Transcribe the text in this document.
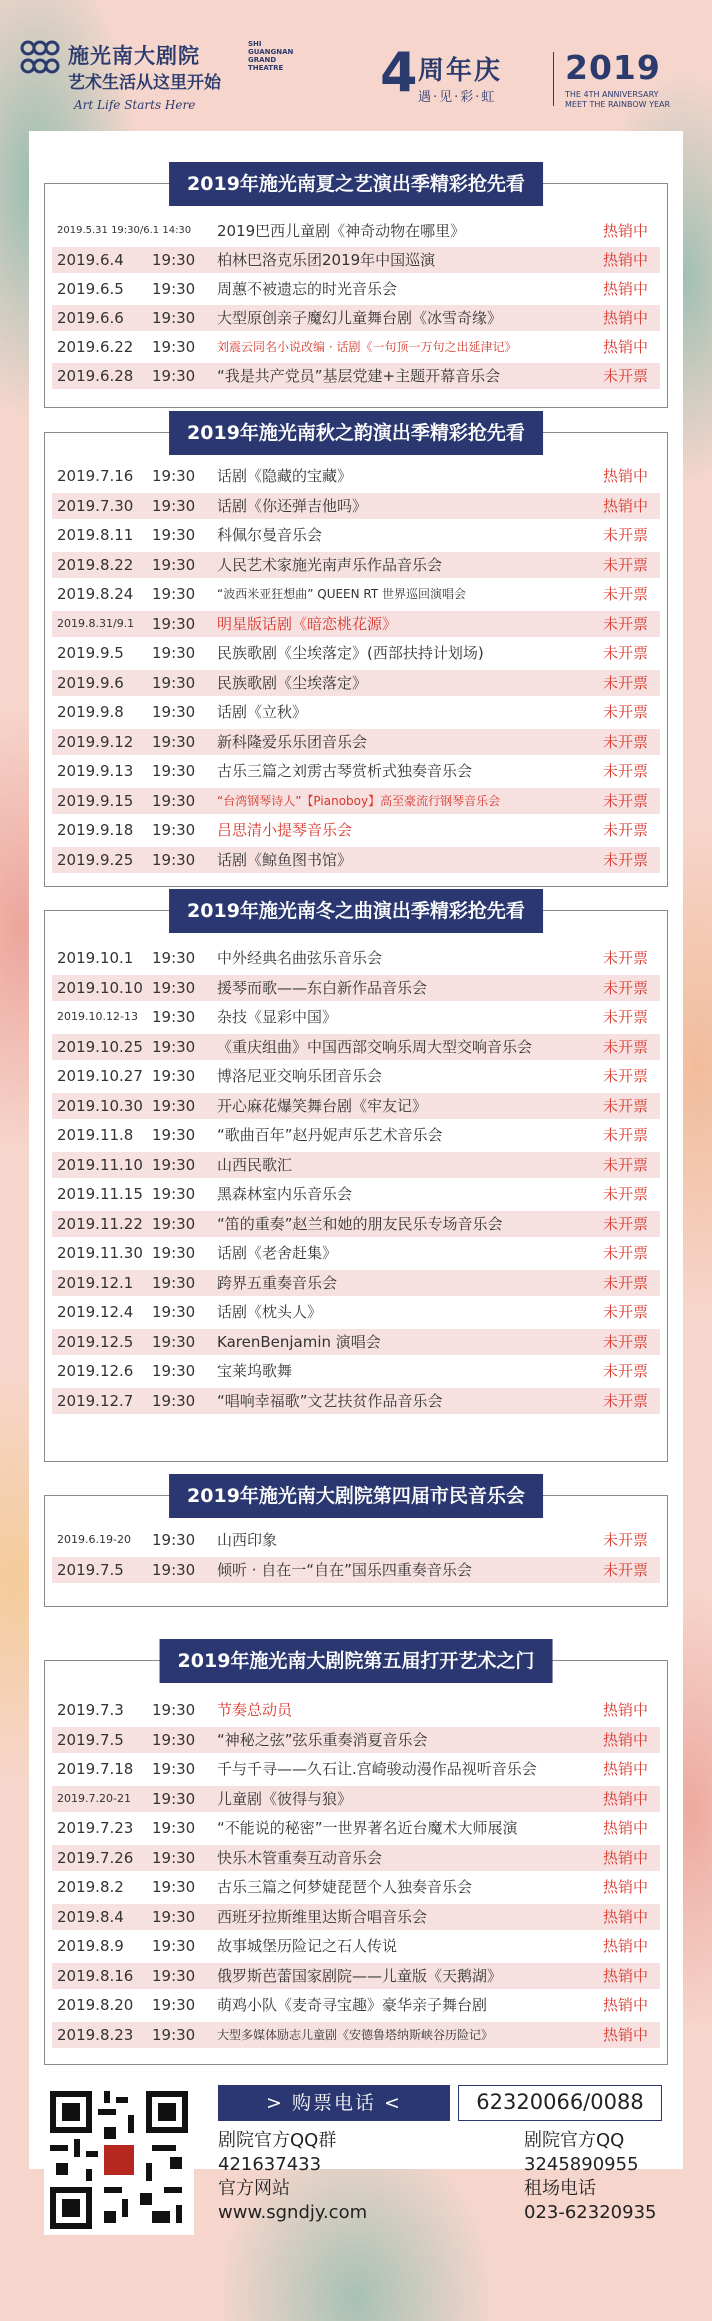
施光南大剧院	SHI GUANGNAN GRAND THEATRE
艺术生活从这里开始
Art Life Starts Here
4 周年庆
遇·见·彩·虹
2019
THE 4TH ANNIVERSARY
MEET THE RAINBOW YEAR
2019年施光南夏之艺演出季精彩抢先看
2019.5.31 19:30/6.1 14:30 2019巴西儿童剧《神奇动物在哪里》	热销中
2019.6.4 19:30 柏林巴洛克乐团2019年中国巡演	热销中
2019.6.5 19:30 周蕙不被遗忘的时光音乐会	热销中
2019.6.6 19:30 大型原创亲子魔幻儿童舞台剧《冰雪奇缘》	热销中
2019.6.22 19:30 刘震云同名小说改编 · 话剧《一句顶一万句之出延津记》	热销中
2019.6.28 19:30 “我是共产党员”基层党建+主题开幕音乐会	未开票
2019年施光南秋之韵演出季精彩抢先看
2019.7.16 19:30 话剧《隐藏的宝藏》	热销中
2019.7.30 19:30 话剧《你还弹吉他吗》	热销中
2019.8.11 19:30 科佩尔曼音乐会	未开票
2019.8.22 19:30 人民艺术家施光南声乐作品音乐会	未开票
2019.8.24 19:30 “波西米亚狂想曲” QUEEN RT 世界巡回演唱会	未开票
2019.8.31/9.1 19:30 明星版话剧《暗恋桃花源》	未开票
2019.9.5 19:30 民族歌剧《尘埃落定》(西部扶持计划场)	未开票
2019.9.6 19:30 民族歌剧《尘埃落定》	未开票
2019.9.8 19:30 话剧《立秋》	未开票
2019.9.12 19:30 新科隆爱乐乐团音乐会	未开票
2019.9.13 19:30 古乐三篇之刘雳古琴赏析式独奏音乐会	未开票
2019.9.15 19:30 “台湾钢琴诗人”【Pianoboy】高至豪流行钢琴音乐会	未开票
2019.9.18 19:30 吕思清小提琴音乐会	未开票
2019.9.25 19:30 话剧《鲸鱼图书馆》	未开票
2019年施光南冬之曲演出季精彩抢先看
2019.10.1 19:30 中外经典名曲弦乐音乐会	未开票
2019.10.10 19:30 援琴而歌——东白新作品音乐会	未开票
2019.10.12-13 19:30 杂技《显彩中国》	未开票
2019.10.25 19:30 《重庆组曲》中国西部交响乐周大型交响音乐会	未开票
2019.10.27 19:30 博洛尼亚交响乐团音乐会	未开票
2019.10.30 19:30 开心麻花爆笑舞台剧《牢友记》	未开票
2019.11.8 19:30 “歌曲百年”赵丹妮声乐艺术音乐会	未开票
2019.11.10 19:30 山西民歌汇	未开票
2019.11.15 19:30 黑森林室内乐音乐会	未开票
2019.11.22 19:30 “笛的重奏”赵兰和她的朋友民乐专场音乐会	未开票
2019.11.30 19:30 话剧《老舍赶集》	未开票
2019.12.1 19:30 跨界五重奏音乐会	未开票
2019.12.4 19:30 话剧《枕头人》	未开票
2019.12.5 19:30 KarenBenjamin 演唱会	未开票
2019.12.6 19:30 宝莱坞歌舞	未开票
2019.12.7 19:30 “唱响幸福歌”文艺扶贫作品音乐会	未开票
2019年施光南大剧院第四届市民音乐会
2019.6.19-20 19:30 山西印象	未开票
2019.7.5 19:30 倾听 · 自在一“自在”国乐四重奏音乐会	未开票
2019年施光南大剧院第五届打开艺术之门
2019.7.3 19:30 节奏总动员	热销中
2019.7.5 19:30 “神秘之弦”弦乐重奏消夏音乐会	热销中
2019.7.18 19:30 千与千寻——久石让.宫崎骏动漫作品视听音乐会	热销中
2019.7.20-21 19:30 儿童剧《彼得与狼》	热销中
2019.7.23 19:30 “不能说的秘密”一世界著名近台魔术大师展演	热销中
2019.7.26 19:30 快乐木管重奏互动音乐会	热销中
2019.8.2 19:30 古乐三篇之何梦婕琵琶个人独奏音乐会	热销中
2019.8.4 19:30 西班牙拉斯维里达斯合唱音乐会	热销中
2019.8.9 19:30 故事城堡历险记之石人传说	热销中
2019.8.16 19:30 俄罗斯芭蕾国家剧院——儿童版《天鹅湖》	热销中
2019.8.20 19:30 萌鸡小队《麦奇寻宝趣》豪华亲子舞台剧	热销中
2019.8.23 19:30 大型多媒体励志儿童剧《安德鲁塔纳斯峡谷历险记》	热销中
> 购票电话 <	62320066/0088
剧院官方QQ群
421637433
官方网站
www.sgndjy.com
剧院官方QQ
3245890955
租场电话
023-62320935
